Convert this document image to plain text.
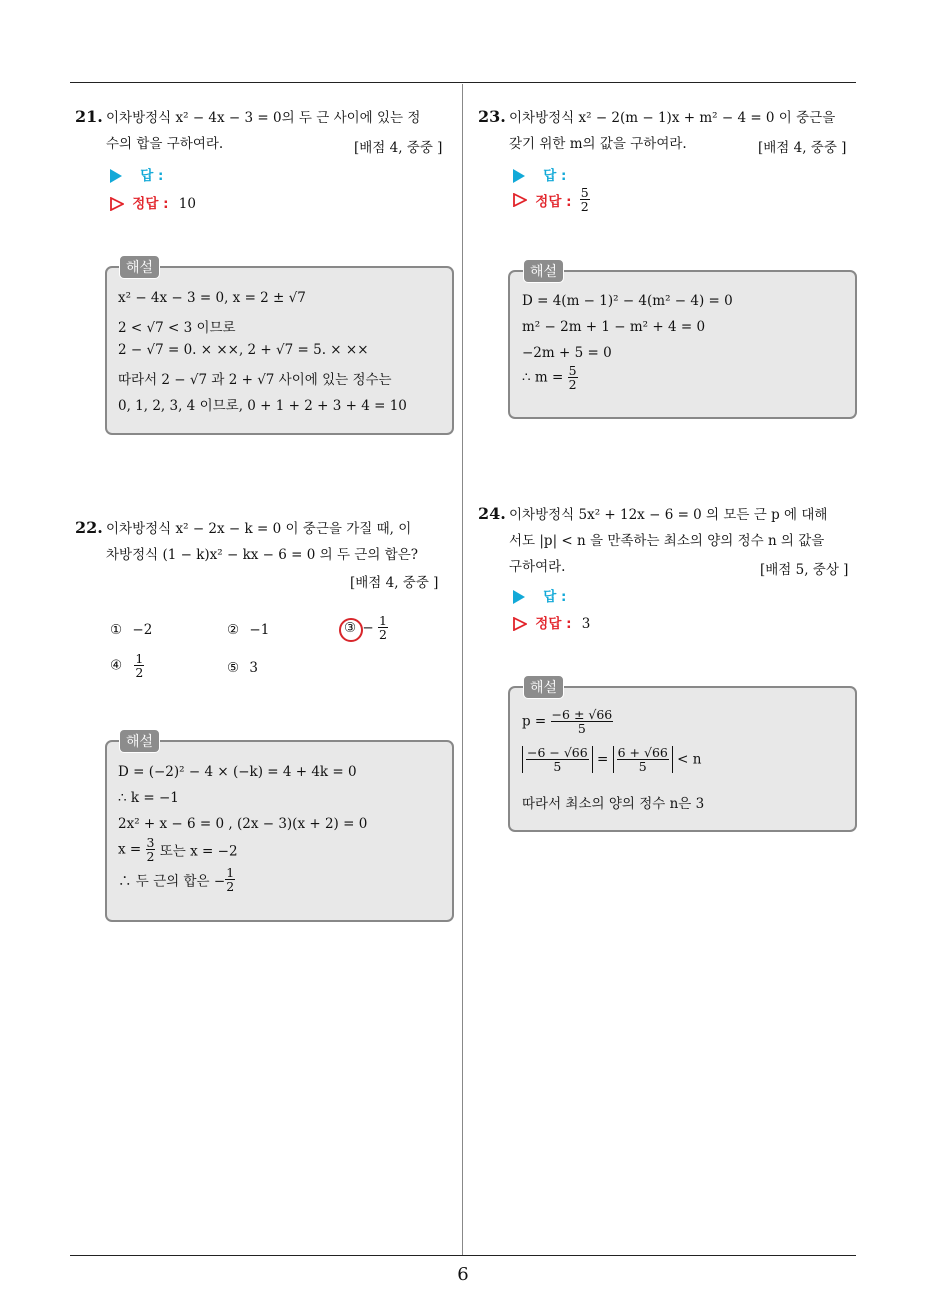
21. 이차방정식 x² − 4x − 3 = 0의 두 근 사이에 있는 정
수의 합을 구하여라.	[배점 4, 중중 ]
답 :
정답 : 10
해설
x² − 4x − 3 = 0, x = 2 ± √7
2 < √7 < 3 이므로
2 − √7 = 0. × ××, 2 + √7 = 5. × ××
따라서 2 − √7 과 2 + √7 사이에 있는 정수는
0, 1, 2, 3, 4 이므로, 0 + 1 + 2 + 3 + 4 = 10
22. 이차방정식 x² − 2x − k = 0 이 중근을 가질 때, 이
차방정식 (1 − k)x² − kx − 6 = 0 의 두 근의 합은?
[배점 4, 중중 ]
① −2	② −1	③ − $\frac{1}{2}$
④ $\frac{1}{2}$	⑤ 3
해설
D = (−2)² − 4 × (−k) = 4 + 4k = 0
∴ k = −1
2x² + x − 6 = 0 , (2x − 3)(x + 2) = 0
$x = \frac{3}{2}$ 또는 x = −2
∴ 두 근의 합은 − $\frac{1}{2}$
23. 이차방정식 x² − 2(m − 1)x + m² − 4 = 0 이 중근을
갖기 위한 m의 값을 구하여라.	[배점 4, 중중 ]
답 :
정답 : $\frac{5}{2}$
해설
D = 4(m − 1)² − 4(m² − 4) = 0
m² − 2m + 1 − m² + 4 = 0
−2m + 5 = 0
∴ $m = \frac{5}{2}$
24. 이차방정식 5x² + 12x − 6 = 0 의 모든 근 p 에 대해
서도 |p| < n 을 만족하는 최소의 양의 정수 n 의 값을
구하여라.	[배점 5, 중상 ]
답 :
정답 : 3
해설
$p = \frac{-6 \pm √66}{5}$
$\frac{-6 - √66}{5} = \frac{6 + √66}{5} < n$
따라서 최소의 양의 정수 n은 3
6
